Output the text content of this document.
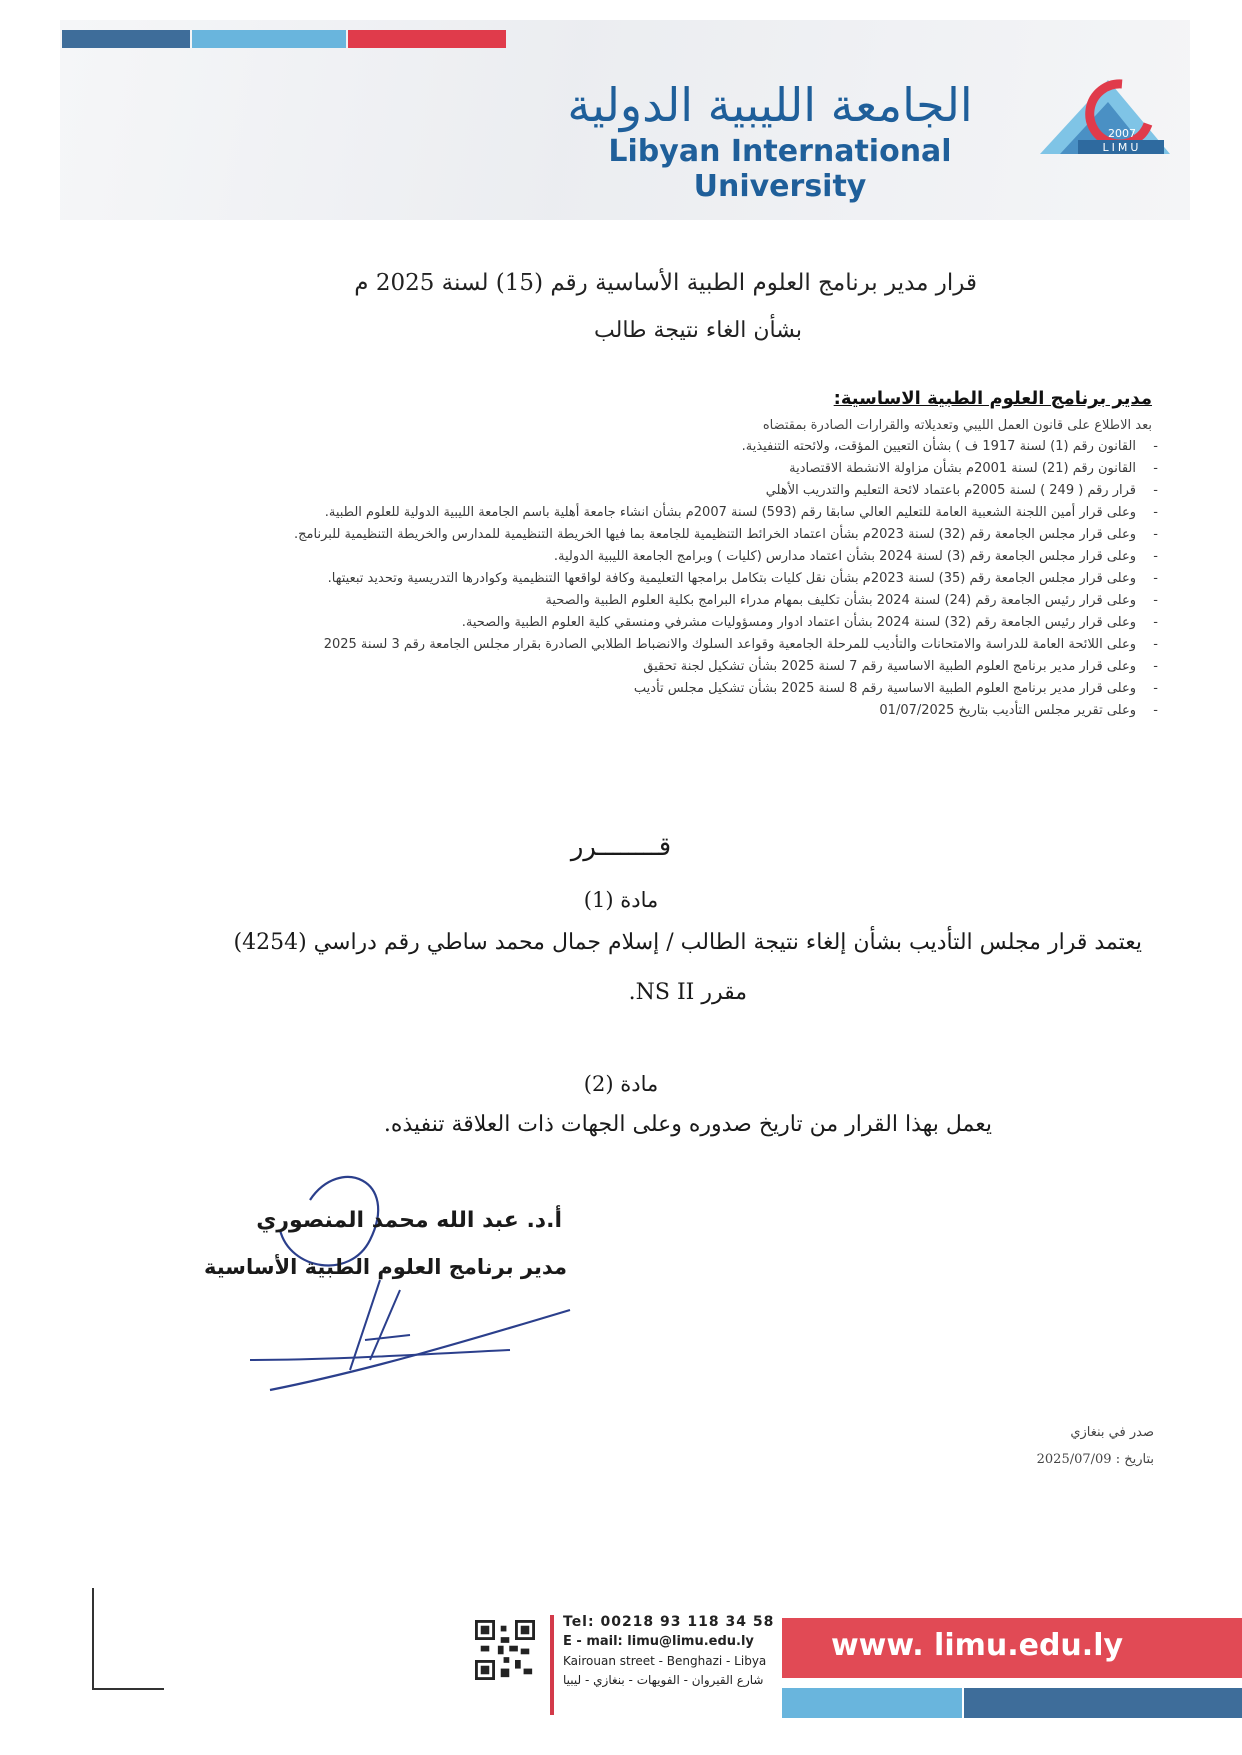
الجامعة الليبية الدولية
Libyan International University
2007
LIMU
قرار مدير برنامج العلوم الطبية الأساسية رقم (15) لسنة 2025 م
بشأن الغاء نتيجة طالب
مدير برنامج العلوم الطبية الاساسية:
بعد الاطلاع على قانون العمل الليبي وتعديلاته والقرارات الصادرة بمقتضاه
-
القانون رقم (1) لسنة 1917 ف ) بشأن التعيين المؤقت، ولائحته التنفيذية.
-
القانون رقم (21) لسنة 2001م بشأن مزاولة الانشطة الاقتصادية
-
قرار رقم ( 249 ) لسنة 2005م باعتماد لائحة التعليم والتدريب الأهلي
-
وعلى قرار أمين اللجنة الشعبية العامة للتعليم العالي سابقا رقم (593) لسنة 2007م بشأن انشاء جامعة أهلية باسم الجامعة الليبية الدولية للعلوم الطبية.
-
وعلى قرار مجلس الجامعة رقم (32) لسنة 2023م بشأن اعتماد الخرائط التنظيمية للجامعة بما فيها الخريطة التنظيمية للمدارس والخريطة التنظيمية للبرنامج.
-
وعلى قرار مجلس الجامعة رقم (3) لسنة 2024 بشأن اعتماد مدارس (كليات ) وبرامج الجامعة الليبية الدولية.
-
وعلى قرار مجلس الجامعة رقم (35) لسنة 2023م بشأن نقل كليات بتكامل برامجها التعليمية وكافة لواقعها التنظيمية وكوادرها التدريسية وتحديد تبعيتها.
-
وعلى قرار رئيس الجامعة رقم (24) لسنة 2024 بشأن تكليف بمهام مدراء البرامج بكلية العلوم الطبية والصحية
-
وعلى قرار رئيس الجامعة رقم (32) لسنة 2024 بشأن اعتماد ادوار ومسؤوليات مشرفي ومنسقي كلية العلوم الطبية والصحية.
-
وعلى اللائحة العامة للدراسة والامتحانات والتأديب للمرحلة الجامعية وقواعد السلوك والانضباط الطلابي الصادرة بقرار مجلس الجامعة رقم 3 لسنة 2025
-
وعلى قرار مدير برنامج العلوم الطبية الاساسية رقم 7 لسنة 2025 بشأن تشكيل لجنة تحقيق
-
وعلى قرار مدير برنامج العلوم الطبية الاساسية رقم 8 لسنة 2025 بشأن تشكيل مجلس تأديب
-
وعلى تقرير مجلس التأديب بتاريخ 01/07/2025
قــــــــرر
مادة (1)
يعتمد قرار مجلس التأديب بشأن إلغاء نتيجة الطالب / إسلام جمال محمد ساطي رقم دراسي (4254)
مقرر NS II.
مادة (2)
يعمل بهذا القرار من تاريخ صدوره وعلى الجهات ذات العلاقة تنفيذه.
أ.د. عبد الله محمد المنصوري
مدير برنامج العلوم الطبية الأساسية
صدر في بنغازي
بتاريخ : 2025/07/09
Tel: 00218 93 118 34 58
E - mail: limu@limu.edu.ly
Kairouan street - Benghazi - Libya
شارع القيروان - الفويهات - بنغازي - ليبيا
www. limu.edu.ly
